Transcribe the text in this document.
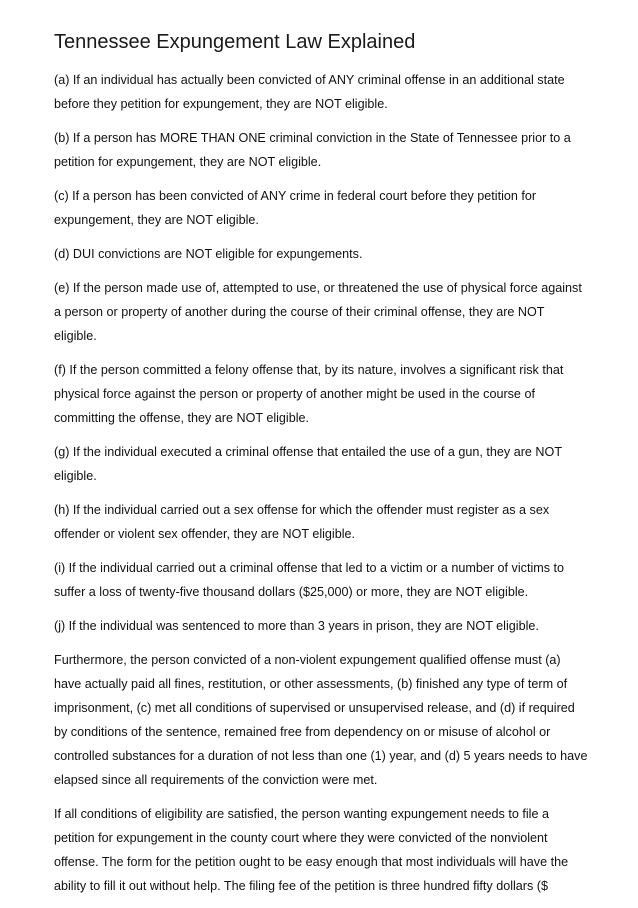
Tennessee Expungement Law Explained

(a) If an individual has actually been convicted of ANY criminal offense in an additional state before they petition for expungement, they are NOT eligible.

(b) If a person has MORE THAN ONE criminal conviction in the State of Tennessee prior to a petition for expungement, they are NOT eligible.

(c) If a person has been convicted of ANY crime in federal court before they petition for expungement, they are NOT eligible.

(d) DUI convictions are NOT eligible for expungements.

(e) If the person made use of, attempted to use, or threatened the use of physical force against a person or property of another during the course of their criminal offense, they are NOT eligible.

(f) If the person committed a felony offense that, by its nature, involves a significant risk that physical force against the person or property of another might be used in the course of committing the offense, they are NOT eligible.

(g) If the individual executed a criminal offense that entailed the use of a gun, they are NOT eligible.

(h) If the individual carried out a sex offense for which the offender must register as a sex offender or violent sex offender, they are NOT eligible.

(i) If the individual carried out a criminal offense that led to a victim or a number of victims to suffer a loss of twenty-five thousand dollars ($25,000) or more, they are NOT eligible.

(j) If the individual was sentenced to more than 3 years in prison, they are NOT eligible.

Furthermore, the person convicted of a non-violent expungement qualified offense must (a) have actually paid all fines, restitution, or other assessments, (b) finished any type of term of imprisonment, (c) met all conditions of supervised or unsupervised release, and (d) if required by conditions of the sentence, remained free from dependency on or misuse of alcohol or controlled substances for a duration of not less than one (1) year, and (d) 5 years needs to have elapsed since all requirements of the conviction were met.

If all conditions of eligibility are satisfied, the person wanting expungement needs to file a petition for expungement in the county court where they were convicted of the nonviolent offense. The form for the petition ought to be easy enough that most individuals will have the ability to fill it out without help. The filing fee of the petition is three hundred fifty dollars ($
